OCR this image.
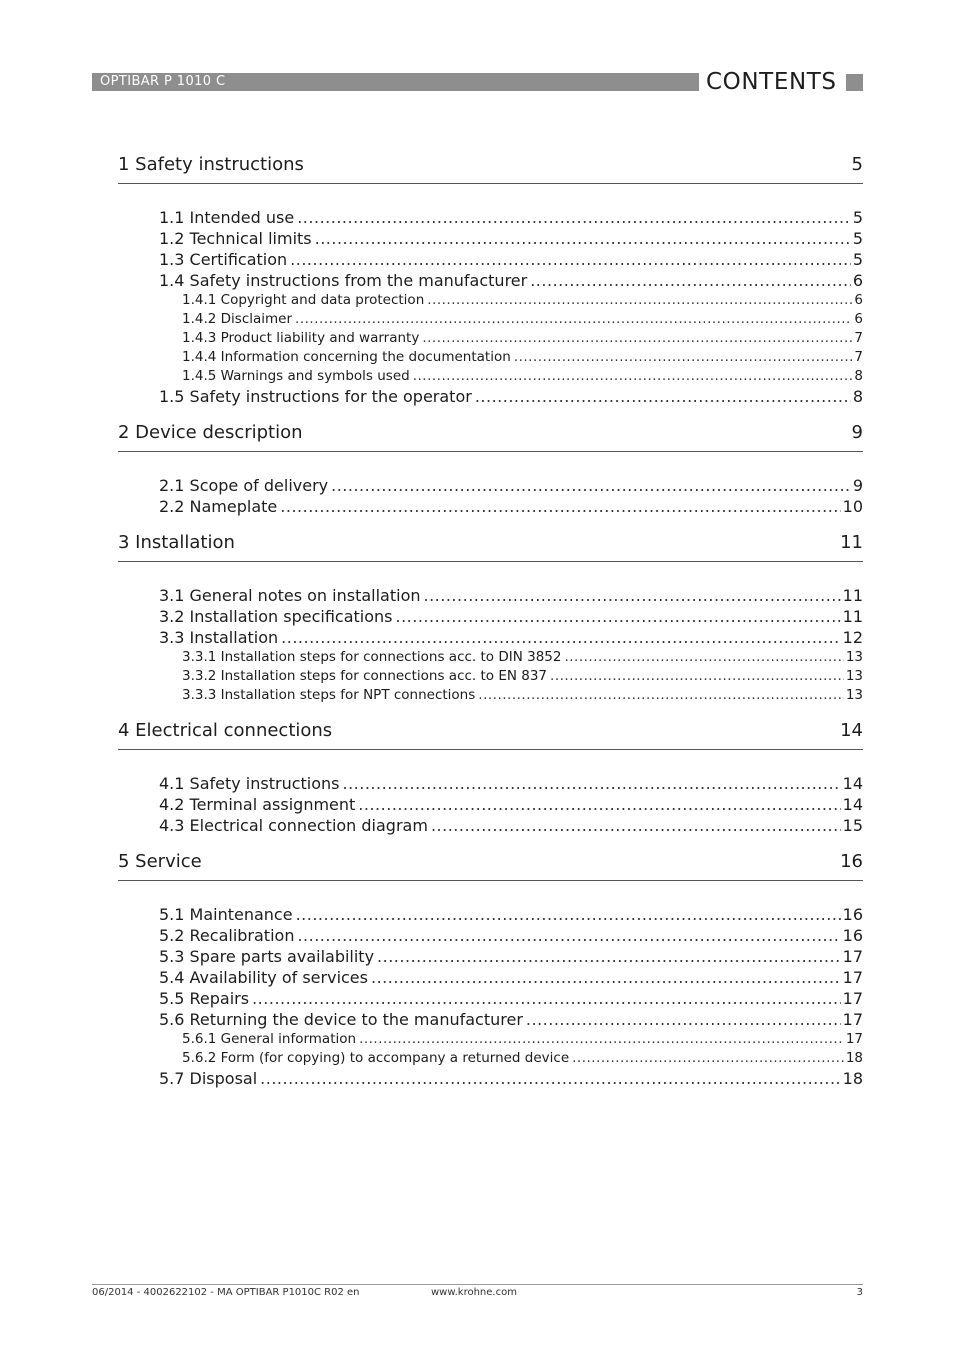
OPTIBAR P 1010 C	CONTENTS
1 Safety instructions	5
1.1 Intended use .....	5
1.2 Technical limits .....	5
1.3 Certification .....	5
1.4 Safety instructions from the manufacturer .....	6
1.4.1 Copyright and data protection .....	6
1.4.2 Disclaimer .....	6
1.4.3 Product liability and warranty .....	7
1.4.4 Information concerning the documentation .....	7
1.4.5 Warnings and symbols used .....	8
1.5 Safety instructions for the operator .....	8
2 Device description	9
2.1 Scope of delivery .....	9
2.2 Nameplate .....	10
3 Installation	11
3.1 General notes on installation .....	11
3.2 Installation specifications .....	11
3.3 Installation .....	12
3.3.1 Installation steps for connections acc. to DIN 3852 .....	13
3.3.2 Installation steps for connections acc. to EN 837 .....	13
3.3.3 Installation steps for NPT connections .....	13
4 Electrical connections	14
4.1 Safety instructions .....	14
4.2 Terminal assignment .....	14
4.3 Electrical connection diagram .....	15
5 Service	16
5.1 Maintenance .....	16
5.2 Recalibration .....	16
5.3 Spare parts availability .....	17
5.4 Availability of services .....	17
5.5 Repairs .....	17
5.6 Returning the device to the manufacturer .....	17
5.6.1 General information .....	17
5.6.2 Form (for copying) to accompany a returned device .....	18
5.7 Disposal .....	18
06/2014 - 4002622102 - MA OPTIBAR P1010C R02 en	www.krohne.com	3
